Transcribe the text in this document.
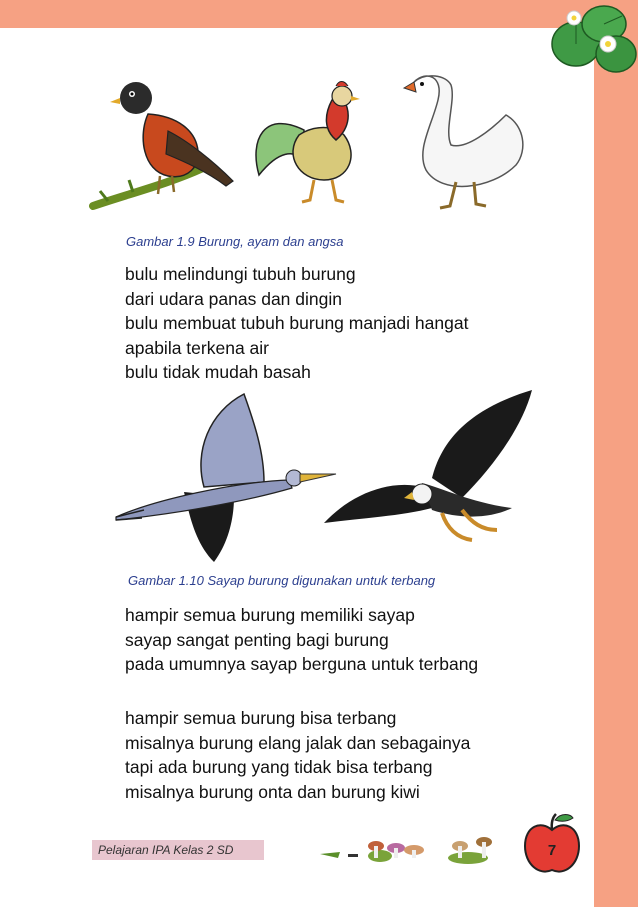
Gambar 1.9 Burung, ayam dan angsa

bulu melindungi tubuh burung
dari udara panas dan dingin
bulu membuat tubuh burung manjadi hangat
apabila terkena air
bulu tidak mudah basah

Gambar 1.10 Sayap burung digunakan untuk terbang

hampir semua burung memiliki sayap
sayap sangat penting bagi burung
pada umumnya sayap berguna untuk terbang
hampir semua burung bisa terbang
misalnya burung elang jalak dan sebagainya
tapi ada burung yang tidak bisa terbang
misalnya burung onta dan burung kiwi
Pelajaran IPA Kelas 2 SD	7
